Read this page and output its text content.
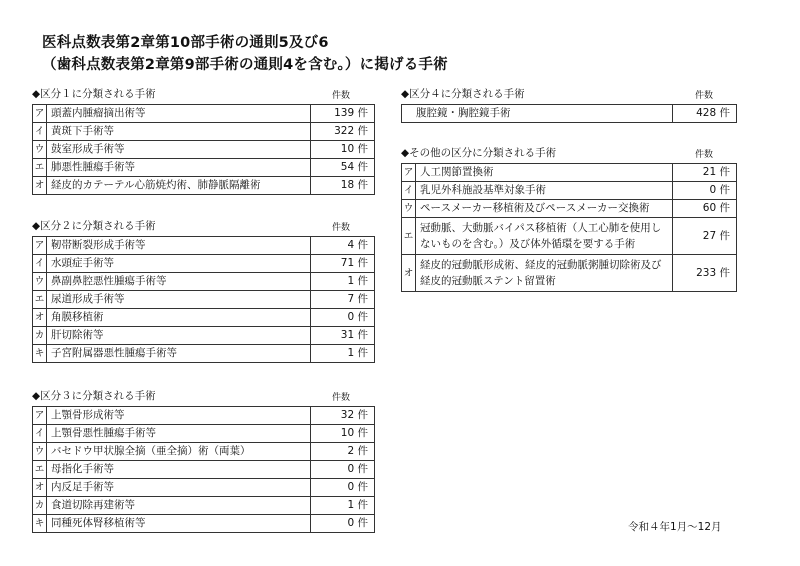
医科点数表第2章第10部手術の通則5及び6
（歯科点数表第2章第9部手術の通則4を含む。）に掲げる手術
◆区分１に分類される手術	件数
ア	頭蓋内腫瘤摘出術等	139 件
イ	黄斑下手術等	322 件
ウ	鼓室形成手術等	10 件
エ	肺悪性腫瘍手術等	54 件
オ	経皮的カテーテル心筋焼灼術、肺静脈隔離術	18 件
◆区分２に分類される手術	件数
ア	靭帯断裂形成手術等	4 件
イ	水頭症手術等	71 件
ウ	鼻副鼻腔悪性腫瘍手術等	1 件
エ	尿道形成手術等	7 件
オ	角膜移植術	0 件
カ	肝切除術等	31 件
キ	子宮附属器悪性腫瘍手術等	1 件
◆区分３に分類される手術	件数
ア	上顎骨形成術等	32 件
イ	上顎骨悪性腫瘍手術等	10 件
ウ	バセドウ甲状腺全摘（亜全摘）術（両葉）	2 件
エ	母指化手術等	0 件
オ	内反足手術等	0 件
カ	食道切除再建術等	1 件
キ	同種死体腎移植術等	0 件
◆区分４に分類される手術	件数
腹腔鏡・胸腔鏡手術	428 件
◆その他の区分に分類される手術	件数
ア	人工関節置換術	21 件
イ	乳児外科施設基準対象手術	0 件
ウ	ペースメーカー移植術及びペースメーカー交換術	60 件
エ	冠動脈、大動脈バイパス移植術（人工心肺を使用しないものを含む。）及び体外循環を要する手術	27 件
オ	経皮的冠動脈形成術、経皮的冠動脈粥腫切除術及び経皮的冠動脈ステント留置術	233 件
令和４年1月～12月
